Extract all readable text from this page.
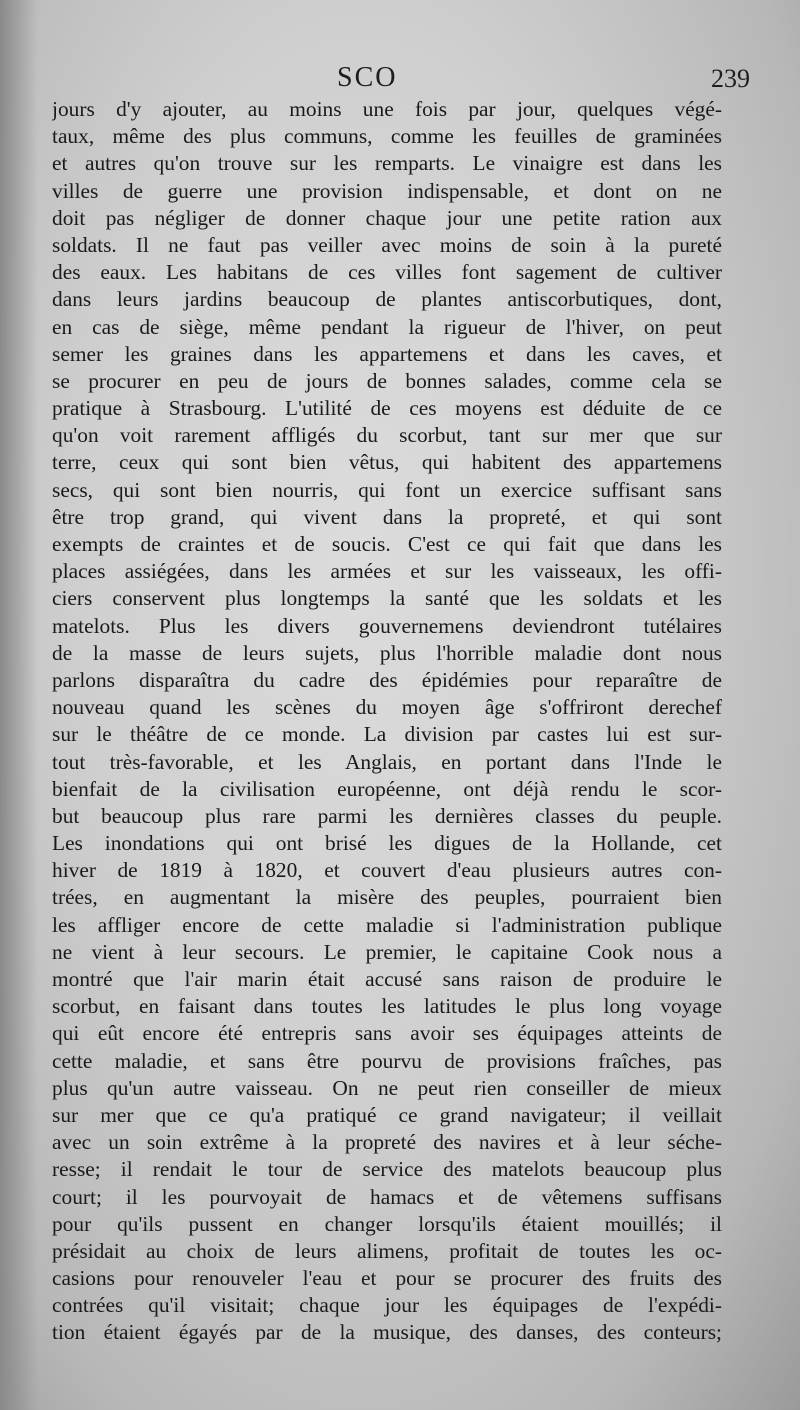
SCO	239
jours d'y ajouter, au moins une fois par jour, quelques végé-
taux, même des plus communs, comme les feuilles de graminées
et autres qu'on trouve sur les remparts. Le vinaigre est dans les
villes de guerre une provision indispensable, et dont on ne
doit pas négliger de donner chaque jour une petite ration aux
soldats. Il ne faut pas veiller avec moins de soin à la pureté
des eaux. Les habitans de ces villes font sagement de cultiver
dans leurs jardins beaucoup de plantes antiscorbutiques, dont,
en cas de siège, même pendant la rigueur de l'hiver, on peut
semer les graines dans les appartemens et dans les caves, et
se procurer en peu de jours de bonnes salades, comme cela se
pratique à Strasbourg. L'utilité de ces moyens est déduite de ce
qu'on voit rarement affligés du scorbut, tant sur mer que sur
terre, ceux qui sont bien vêtus, qui habitent des appartemens
secs, qui sont bien nourris, qui font un exercice suffisant sans
être trop grand, qui vivent dans la propreté, et qui sont
exempts de craintes et de soucis. C'est ce qui fait que dans les
places assiégées, dans les armées et sur les vaisseaux, les offi-
ciers conservent plus longtemps la santé que les soldats et les
matelots. Plus les divers gouvernemens deviendront tutélaires
de la masse de leurs sujets, plus l'horrible maladie dont nous
parlons disparaîtra du cadre des épidémies pour reparaître de
nouveau quand les scènes du moyen âge s'offriront derechef
sur le théâtre de ce monde. La division par castes lui est sur-
tout très-favorable, et les Anglais, en portant dans l'Inde le
bienfait de la civilisation européenne, ont déjà rendu le scor-
but beaucoup plus rare parmi les dernières classes du peuple.
Les inondations qui ont brisé les digues de la Hollande, cet
hiver de 1819 à 1820, et couvert d'eau plusieurs autres con-
trées, en augmentant la misère des peuples, pourraient bien
les affliger encore de cette maladie si l'administration publique
ne vient à leur secours. Le premier, le capitaine Cook nous a
montré que l'air marin était accusé sans raison de produire le
scorbut, en faisant dans toutes les latitudes le plus long voyage
qui eût encore été entrepris sans avoir ses équipages atteints de
cette maladie, et sans être pourvu de provisions fraîches, pas
plus qu'un autre vaisseau. On ne peut rien conseiller de mieux
sur mer que ce qu'a pratiqué ce grand navigateur; il veillait
avec un soin extrême à la propreté des navires et à leur séche-
resse; il rendait le tour de service des matelots beaucoup plus
court; il les pourvoyait de hamacs et de vêtemens suffisans
pour qu'ils pussent en changer lorsqu'ils étaient mouillés; il
présidait au choix de leurs alimens, profitait de toutes les oc-
casions pour renouveler l'eau et pour se procurer des fruits des
contrées qu'il visitait; chaque jour les équipages de l'expédi-
tion étaient égayés par de la musique, des danses, des conteurs;
